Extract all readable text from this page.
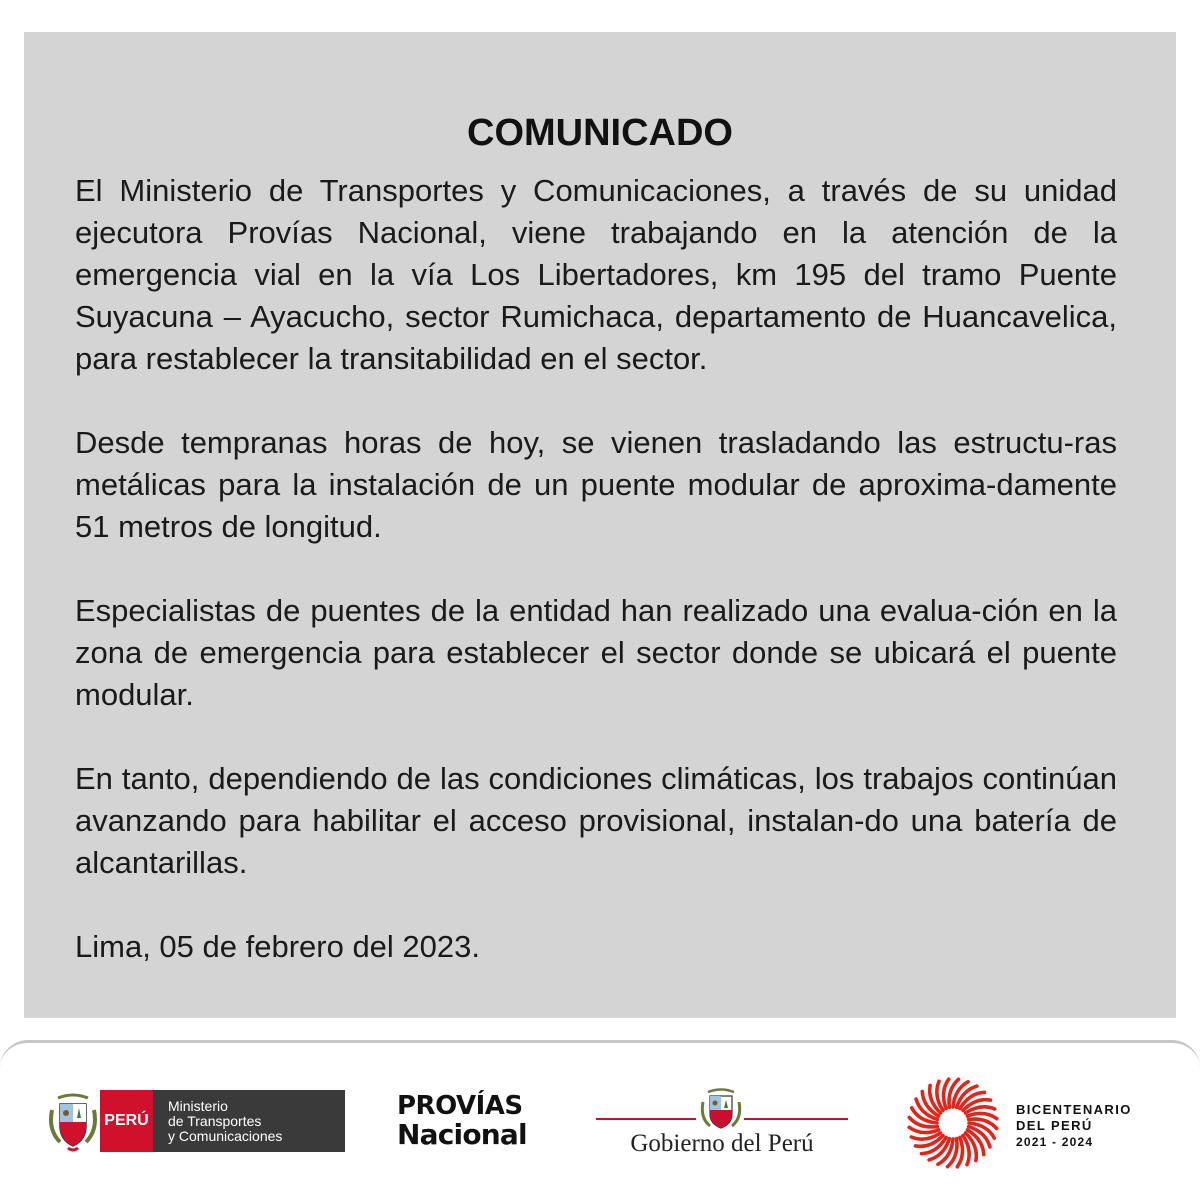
COMUNICADO

El Ministerio de Transportes y Comunicaciones, a través de su unidad ejecutora Provías Nacional, viene trabajando en la atención de la emergencia vial en la vía Los Libertadores, km 195 del tramo Puente Suyacuna – Ayacucho, sector Rumichaca, departamento de Huancavelica, para restablecer la transitabilidad en el sector.

Desde tempranas horas de hoy, se vienen trasladando las estructu-ras metálicas para la instalación de un puente modular de aproxima-damente 51 metros de longitud.

Especialistas de puentes de la entidad han realizado una evalua-ción en la zona de emergencia para establecer el sector donde se ubicará el puente modular.

En tanto, dependiendo de las condiciones climáticas, los trabajos continúan avanzando para habilitar el acceso provisional, instalan-do una batería de alcantarillas.

Lima, 05 de febrero del 2023.

PERÚ
Ministerio
de Transportes
y Comunicaciones
PROVÍAS
Nacional	Gobierno del Perú
BICENTENARIO
DEL PERÚ
2021 - 2024
